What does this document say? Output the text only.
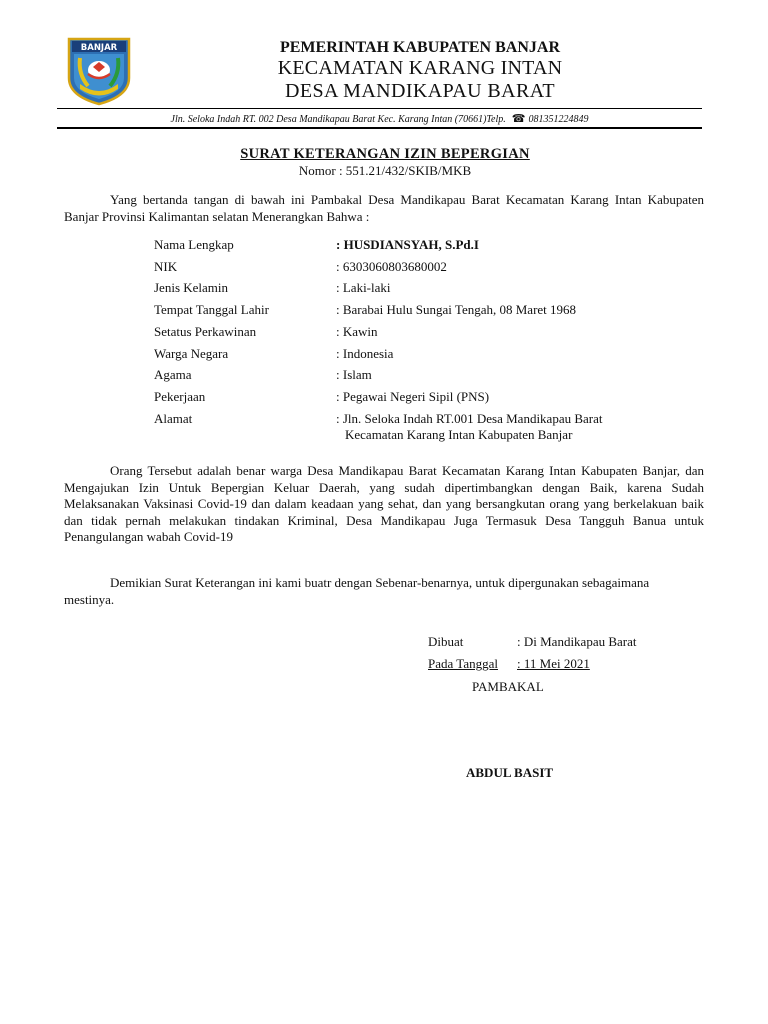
BANJAR	PEMERINTAH KABUPATEN BANJAR
KECAMATAN KARANG INTAN
DESA MANDIKAPAU BARAT
Jln. Seloka Indah RT. 002 Desa Mandikapau Barat Kec. Karang Intan (70661)Telp. ☎ 081351224849
SURAT KETERANGAN IZIN BEPERGIAN
Nomor : 551.21/432/SKIB/MKB
Yang bertanda tangan di bawah ini Pambakal Desa Mandikapau Barat Kecamatan Karang Intan Kabupaten Banjar Provinsi Kalimantan selatan Menerangkan Bahwa :
Nama Lengkap	: HUSDIANSYAH, S.Pd.I
NIK	: 6303060803680002
Jenis Kelamin	: Laki-laki
Tempat Tanggal Lahir	: Barabai Hulu Sungai Tengah, 08 Maret 1968
Setatus Perkawinan	: Kawin
Warga Negara	: Indonesia
Agama	: Islam
Pekerjaan	: Pegawai Negeri Sipil (PNS)
Alamat	: Jln. Seloka Indah RT.001 Desa Mandikapau Barat
Kecamatan Karang Intan Kabupaten Banjar
Orang Tersebut adalah benar warga Desa Mandikapau Barat Kecamatan Karang Intan Kabupaten Banjar, dan Mengajukan Izin Untuk Bepergian Keluar Daerah, yang sudah dipertimbangkan dengan Baik, karena Sudah Melaksanakan Vaksinasi Covid-19 dan dalam keadaan yang sehat, dan yang bersangkutan orang yang berkelakuan baik dan tidak pernah melakukan tindakan Kriminal, Desa Mandikapau Juga Termasuk Desa Tangguh Banua untuk Penangulangan wabah Covid-19
Demikian Surat Keterangan ini kami buatr dengan Sebenar-benarnya, untuk dipergunakan sebagaimana mestinya.
Dibuat	: Di Mandikapau Barat
Pada Tanggal : 11 Mei 2021
PAMBAKAL
ABDUL BASIT
